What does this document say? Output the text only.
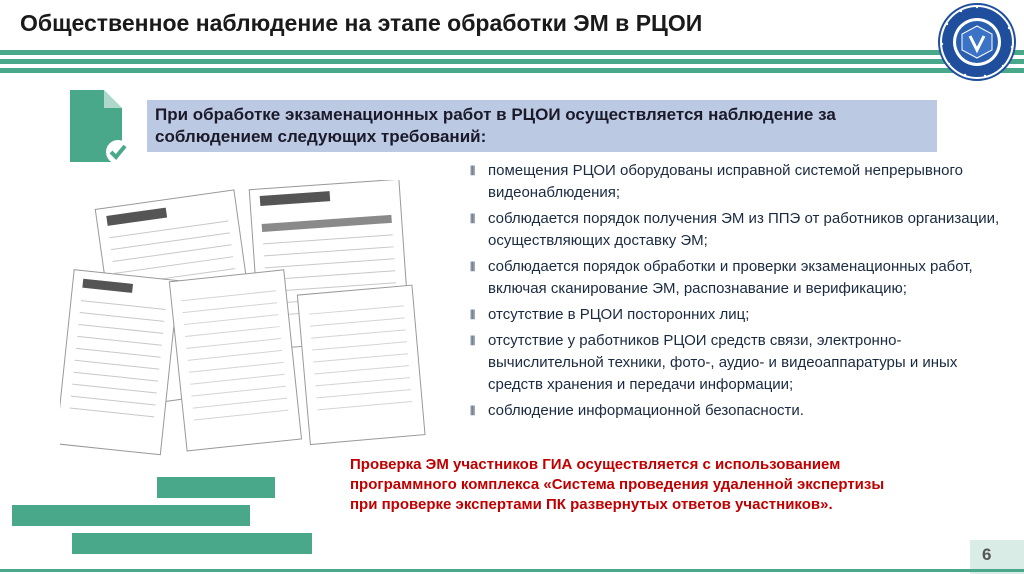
Общественное наблюдение на этапе обработки ЭМ в РЦОИ
При обработке экзаменационных работ в РЦОИ осуществляется наблюдение за соблюдением следующих требований:
⦀ помещения РЦОИ оборудованы исправной системой непрерывного видеонаблюдения;
⦀ соблюдается порядок получения ЭМ из ППЭ от работников организации, осуществляющих доставку ЭМ;
⦀ соблюдается порядок обработки и проверки экзаменационных работ, включая сканирование ЭМ, распознавание и верификацию;
⦀ отсутствие в РЦОИ посторонних лиц;
⦀ отсутствие у работников РЦОИ средств связи, электронно-вычислительной техники, фото-, аудио- и видеоаппаратуры и иных средств хранения и передачи информации;
⦀ соблюдение информационной безопасности.
Проверка ЭМ участников ГИА осуществляется с использованием программного комплекса «Система проведения удаленной экспертизы при проверке экспертами ПК развернутых ответов участников».
6
